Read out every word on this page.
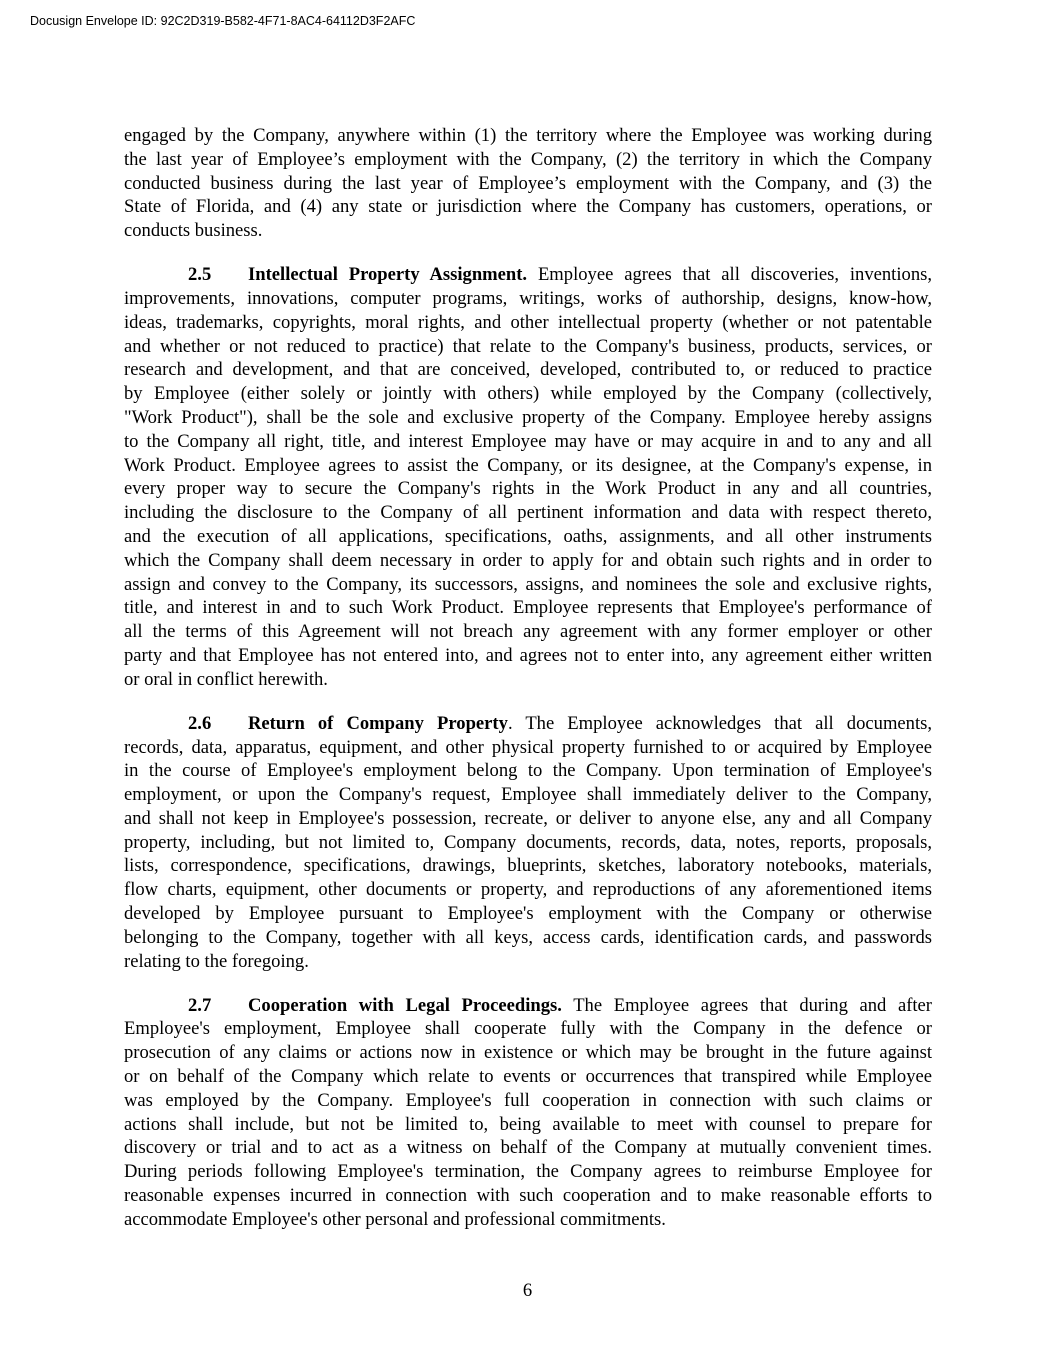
Docusign Envelope ID: 92C2D319-B582-4F71-8AC4-64112D3F2AFC
engaged by the Company, anywhere within (1) the territory where the Employee was working during
the last year of Employee’s employment with the Company, (2) the territory in which the Company
conducted business during the last year of Employee’s employment with the Company, and (3) the
State of Florida, and (4) any state or jurisdiction where the Company has customers, operations, or
conducts business.
2.5 Intellectual Property Assignment. Employee agrees that all discoveries, inventions,
improvements, innovations, computer programs, writings, works of authorship, designs, know-how,
ideas, trademarks, copyrights, moral rights, and other intellectual property (whether or not patentable
and whether or not reduced to practice) that relate to the Company's business, products, services, or
research and development, and that are conceived, developed, contributed to, or reduced to practice
by Employee (either solely or jointly with others) while employed by the Company (collectively,
"Work Product"), shall be the sole and exclusive property of the Company. Employee hereby assigns
to the Company all right, title, and interest Employee may have or may acquire in and to any and all
Work Product. Employee agrees to assist the Company, or its designee, at the Company's expense, in
every proper way to secure the Company's rights in the Work Product in any and all countries,
including the disclosure to the Company of all pertinent information and data with respect thereto,
and the execution of all applications, specifications, oaths, assignments, and all other instruments
which the Company shall deem necessary in order to apply for and obtain such rights and in order to
assign and convey to the Company, its successors, assigns, and nominees the sole and exclusive rights,
title, and interest in and to such Work Product. Employee represents that Employee's performance of
all the terms of this Agreement will not breach any agreement with any former employer or other
party and that Employee has not entered into, and agrees not to enter into, any agreement either written
or oral in conflict herewith.
2.6 Return of Company Property. The Employee acknowledges that all documents,
records, data, apparatus, equipment, and other physical property furnished to or acquired by Employee
in the course of Employee's employment belong to the Company. Upon termination of Employee's
employment, or upon the Company's request, Employee shall immediately deliver to the Company,
and shall not keep in Employee's possession, recreate, or deliver to anyone else, any and all Company
property, including, but not limited to, Company documents, records, data, notes, reports, proposals,
lists, correspondence, specifications, drawings, blueprints, sketches, laboratory notebooks, materials,
flow charts, equipment, other documents or property, and reproductions of any aforementioned items
developed by Employee pursuant to Employee's employment with the Company or otherwise
belonging to the Company, together with all keys, access cards, identification cards, and passwords
relating to the foregoing.
2.7 Cooperation with Legal Proceedings. The Employee agrees that during and after
Employee's employment, Employee shall cooperate fully with the Company in the defence or
prosecution of any claims or actions now in existence or which may be brought in the future against
or on behalf of the Company which relate to events or occurrences that transpired while Employee
was employed by the Company. Employee's full cooperation in connection with such claims or
actions shall include, but not be limited to, being available to meet with counsel to prepare for
discovery or trial and to act as a witness on behalf of the Company at mutually convenient times.
During periods following Employee's termination, the Company agrees to reimburse Employee for
reasonable expenses incurred in connection with such cooperation and to make reasonable efforts to
accommodate Employee's other personal and professional commitments.
6
